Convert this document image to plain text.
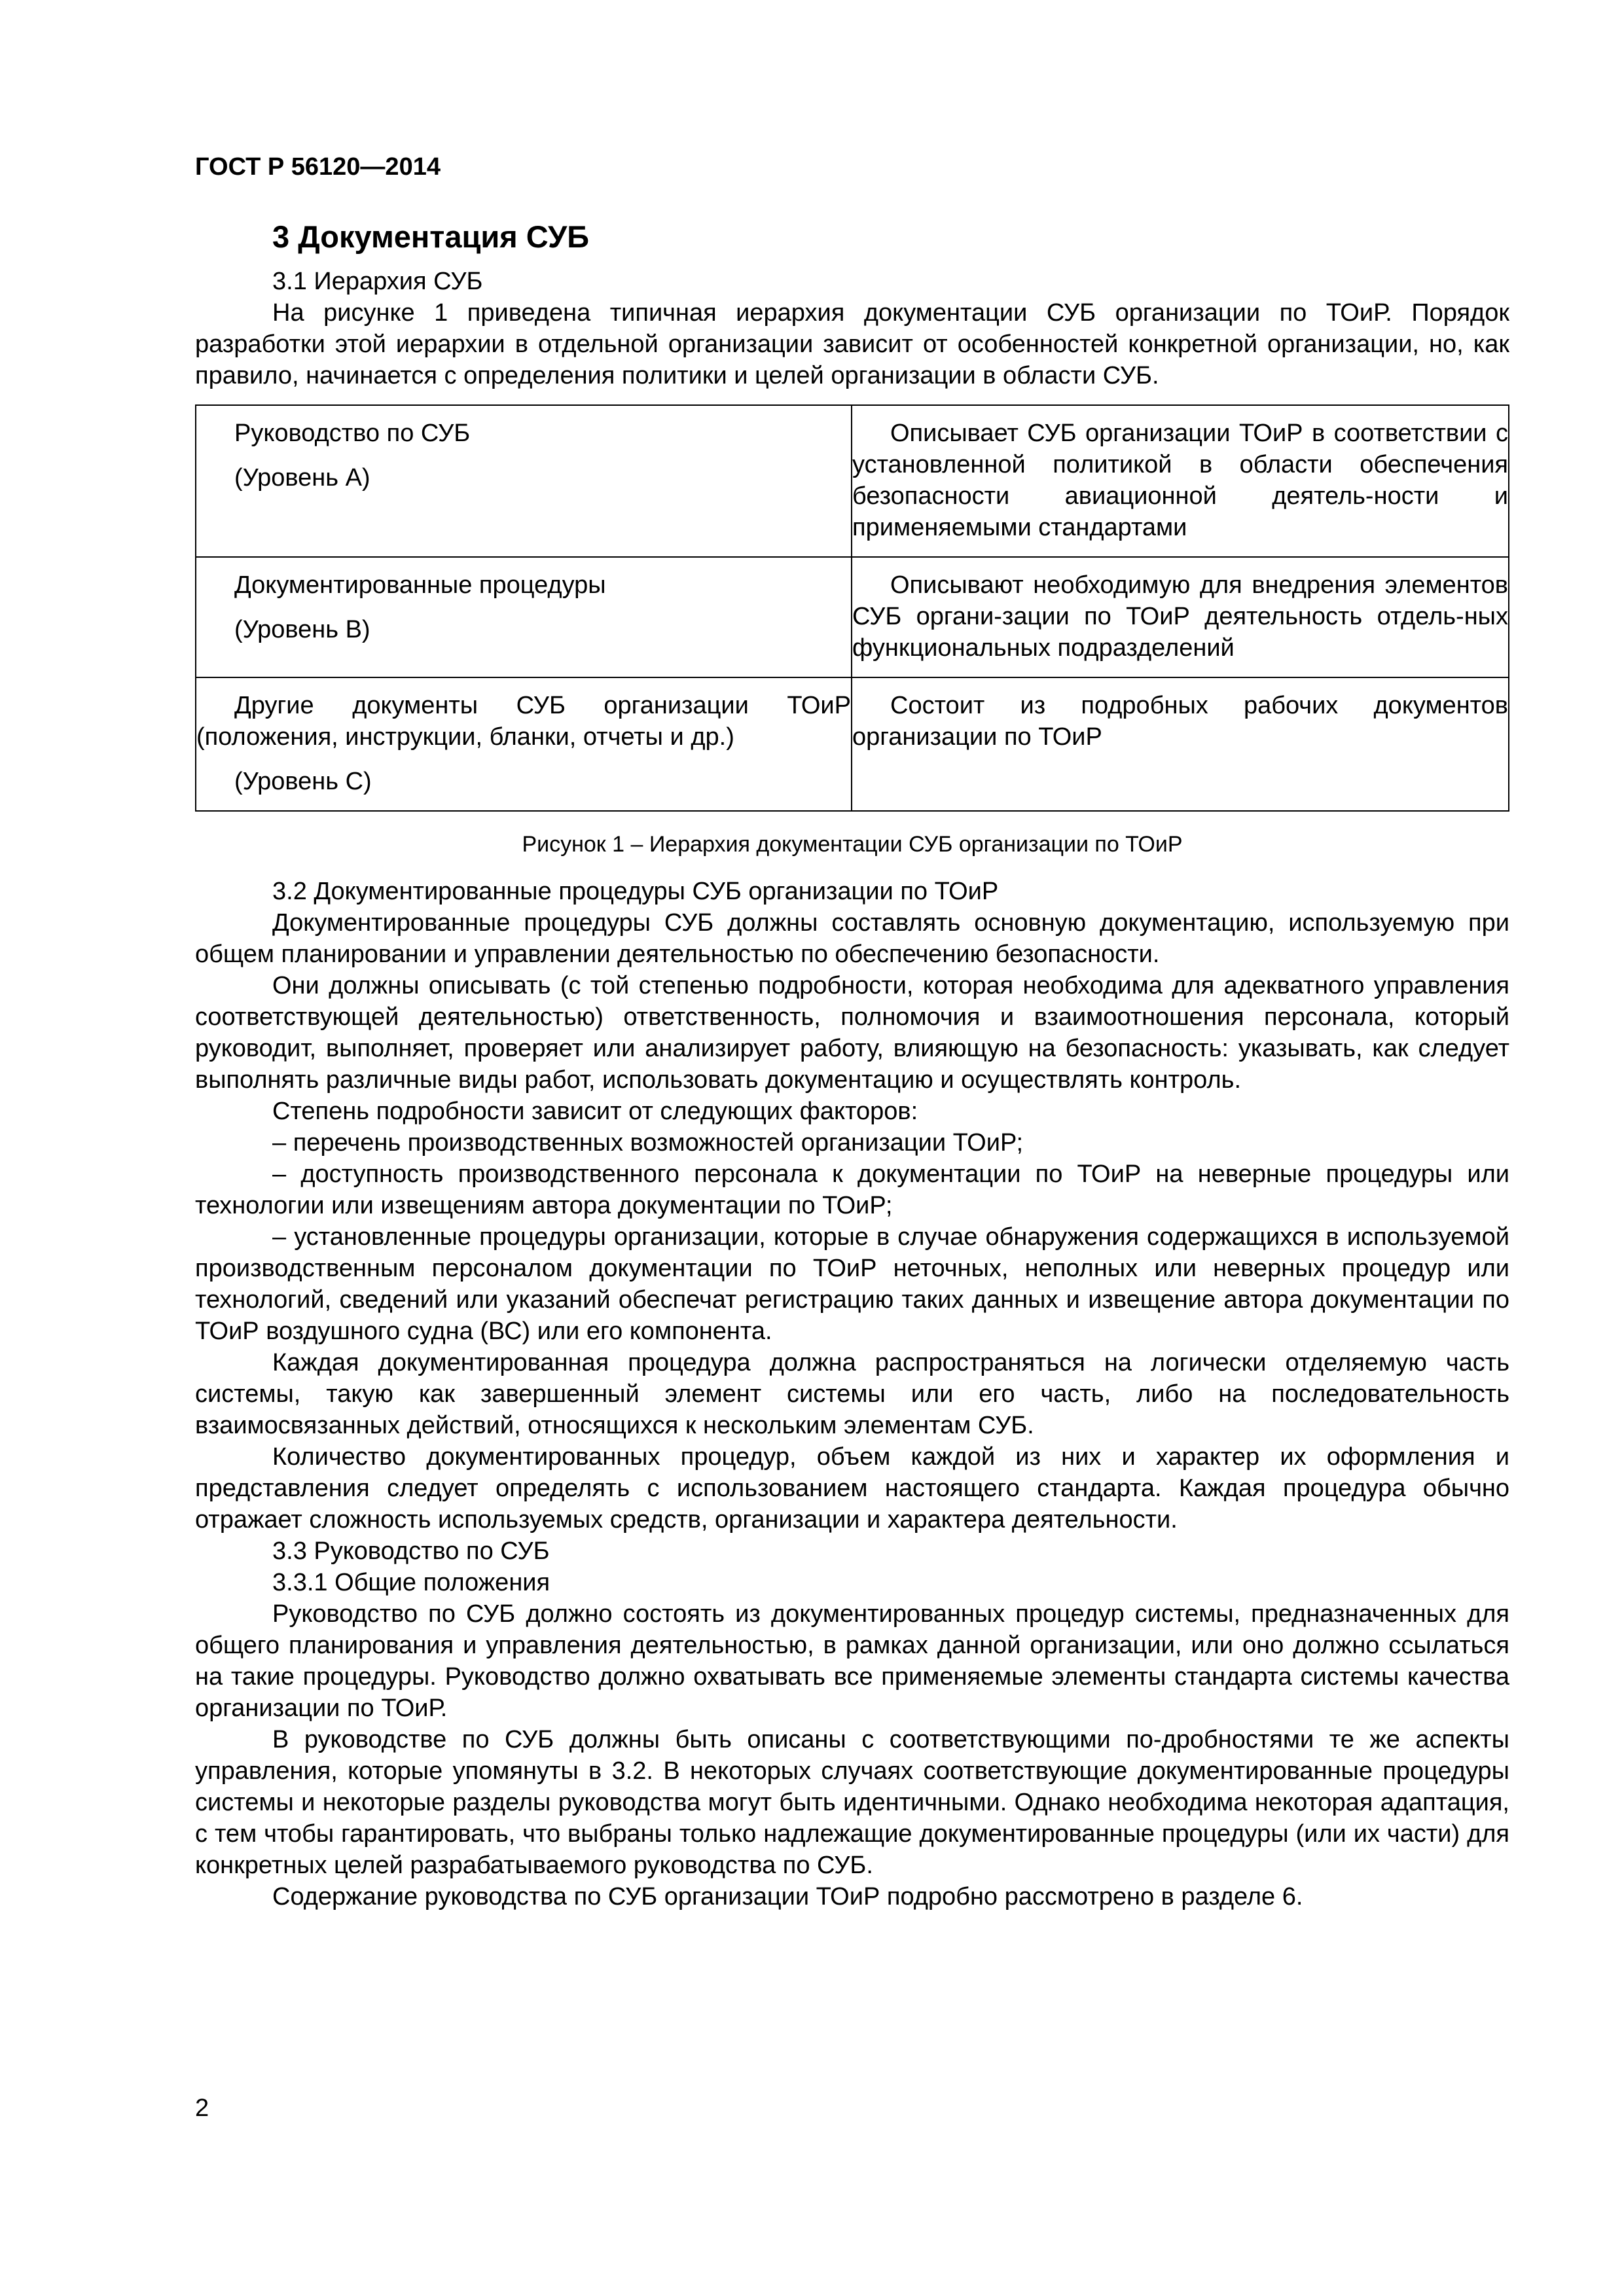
ГОСТ Р 56120—2014
3 Документация СУБ

3.1 Иерархия СУБ

На рисунке 1 приведена типичная иерархия документации СУБ организации по ТОиР. Порядок разработки этой иерархии в отдельной организации зависит от особенностей конкретной организации, но, как правило, начинается с определения политики и целей организации в области СУБ.

Руководство по СУБ

(Уровень А)	Описывает СУБ организации ТОиР в соответствии с установленной политикой в области обеспечения безопасности авиационной деятель-ности и применяемыми стандартами

Документированные процедуры

(Уровень В)	Описывают необходимую для внедрения элементов СУБ органи-зации по ТОиР деятельность отдель-ных функциональных подразделений

Другие документы СУБ организации ТОиР (положения, инструкции, бланки, отчеты и др.)

(Уровень С)	Состоит из подробных рабочих документов организации по ТОиР

Рисунок 1 – Иерархия документации СУБ организации по ТОиР

3.2 Документированные процедуры СУБ организации по ТОиР

Документированные процедуры СУБ должны составлять основную документацию, используемую при общем планировании и управлении деятельностью по обеспечению безопасности.

Они должны описывать (с той степенью подробности, которая необходима для адекватного управления соответствующей деятельностью) ответственность, полномочия и взаимоотношения персонала, который руководит, выполняет, проверяет или анализирует работу, влияющую на безопасность: указывать, как следует выполнять различные виды работ, использовать документацию и осуществлять контроль.

Степень подробности зависит от следующих факторов:

– перечень производственных возможностей организации ТОиР;

– доступность производственного персонала к документации по ТОиР на неверные процедуры или технологии или извещениям автора документации по ТОиР;

– установленные процедуры организации, которые в случае обнаружения содержащихся в используемой производственным персоналом документации по ТОиР неточных, неполных или неверных процедур или технологий, сведений или указаний обеспечат регистрацию таких данных и извещение автора документации по ТОиР воздушного судна (ВС) или его компонента.

Каждая документированная процедура должна распространяться на логически отделяемую часть системы, такую как завершенный элемент системы или его часть, либо на последовательность взаимосвязанных действий, относящихся к нескольким элементам СУБ.

Количество документированных процедур, объем каждой из них и характер их оформления и представления следует определять с использованием настоящего стандарта. Каждая процедура обычно отражает сложность используемых средств, организации и характера деятельности.

3.3 Руководство по СУБ

3.3.1 Общие положения

Руководство по СУБ должно состоять из документированных процедур системы, предназначенных для общего планирования и управления деятельностью, в рамках данной организации, или оно должно ссылаться на такие процедуры. Руководство должно охватывать все применяемые элементы стандарта системы качества организации по ТОиР.

В руководстве по СУБ должны быть описаны с соответствующими по-дробностями те же аспекты управления, которые упомянуты в 3.2. В некоторых случаях соответствующие документированные процедуры системы и некоторые разделы руководства могут быть идентичными. Однако необходима некоторая адаптация, с тем чтобы гарантировать, что выбраны только надлежащие документированные процедуры (или их части) для конкретных целей разрабатываемого руководства по СУБ.

Содержание руководства по СУБ организации ТОиР подробно рассмотрено в разделе 6.

2
